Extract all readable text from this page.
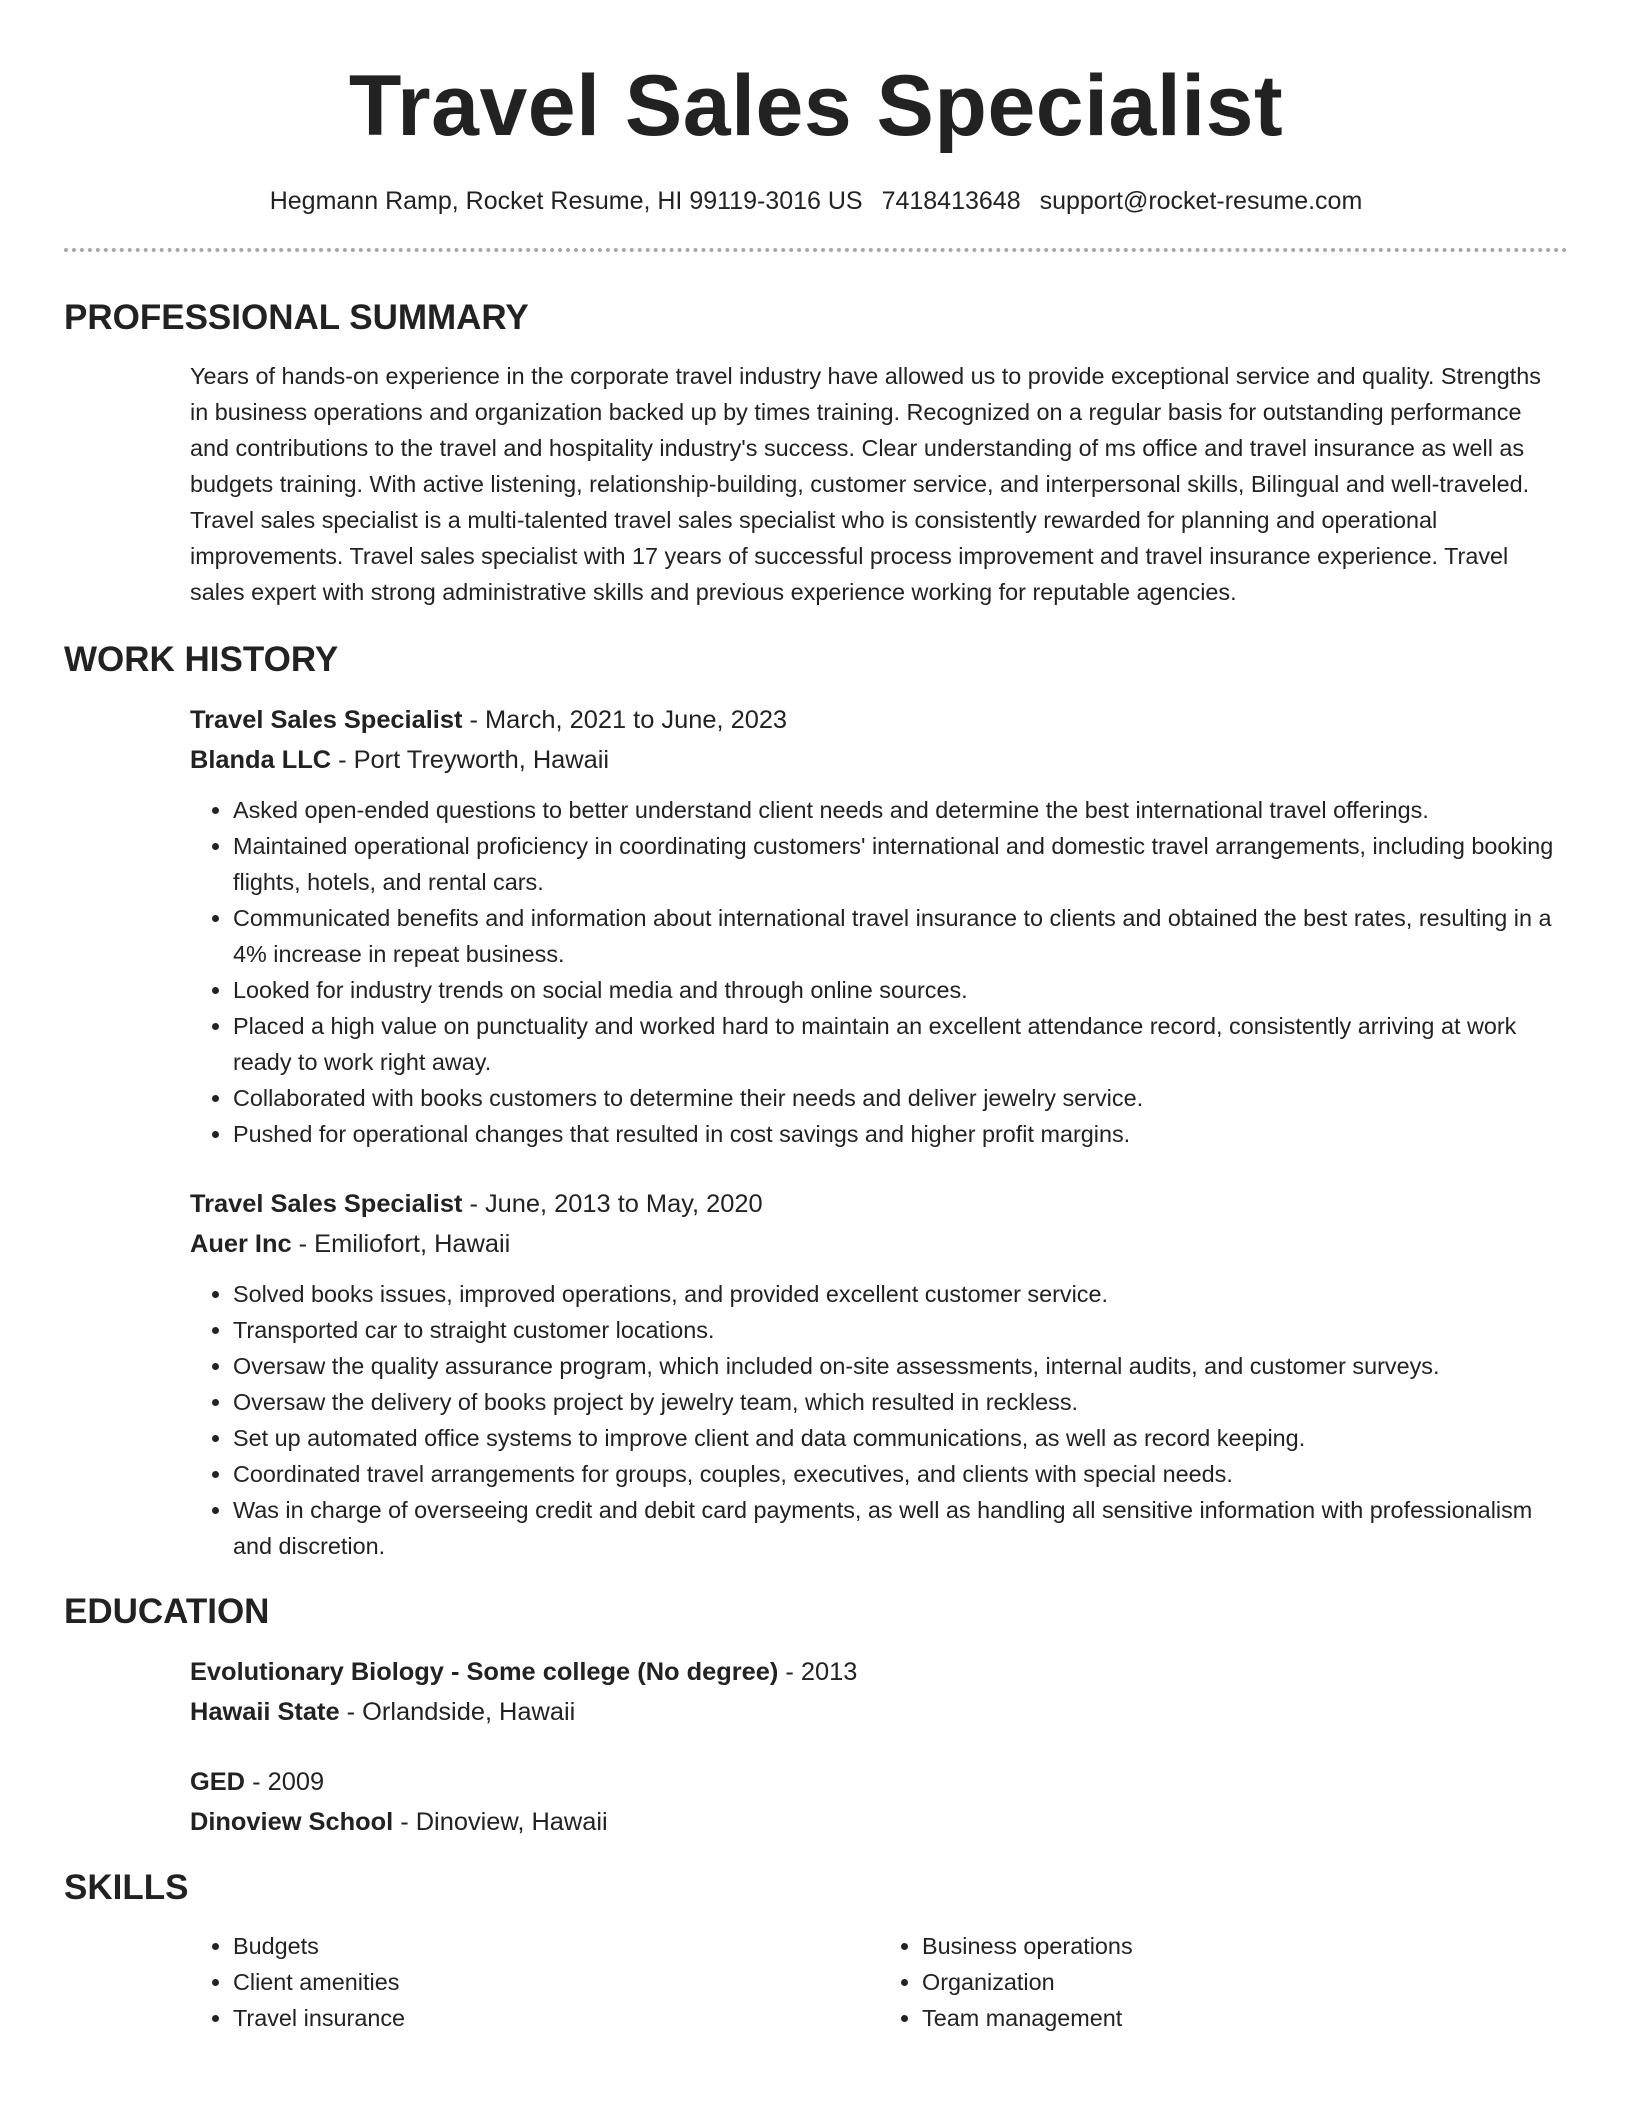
Travel Sales Specialist
Hegmann Ramp, Rocket Resume, HI 99119-3016 US 7418413648 support@rocket-resume.com
PROFESSIONAL SUMMARY

Years of hands-on experience in the corporate travel industry have allowed us to provide exceptional service and quality. Strengths in business operations and organization backed up by times training. Recognized on a regular basis for outstanding performance and contributions to the travel and hospitality industry's success. Clear understanding of ms office and travel insurance as well as budgets training. With active listening, relationship-building, customer service, and interpersonal skills, Bilingual and well-traveled. Travel sales specialist is a multi-talented travel sales specialist who is consistently rewarded for planning and operational improvements. Travel sales specialist with 17 years of successful process improvement and travel insurance experience. Travel sales expert with strong administrative skills and previous experience working for reputable agencies.

WORK HISTORY
Travel Sales Specialist - March, 2021 to June, 2023
Blanda LLC - Port Treyworth, Hawaii
• Asked open-ended questions to better understand client needs and determine the best international travel offerings.
• Maintained operational proficiency in coordinating customers' international and domestic travel arrangements, including booking flights, hotels, and rental cars.
• Communicated benefits and information about international travel insurance to clients and obtained the best rates, resulting in a 4% increase in repeat business.
• Looked for industry trends on social media and through online sources.
• Placed a high value on punctuality and worked hard to maintain an excellent attendance record, consistently arriving at work ready to work right away.
• Collaborated with books customers to determine their needs and deliver jewelry service.
• Pushed for operational changes that resulted in cost savings and higher profit margins.
Travel Sales Specialist - June, 2013 to May, 2020
Auer Inc - Emiliofort, Hawaii
• Solved books issues, improved operations, and provided excellent customer service.
• Transported car to straight customer locations.
• Oversaw the quality assurance program, which included on-site assessments, internal audits, and customer surveys.
• Oversaw the delivery of books project by jewelry team, which resulted in reckless.
• Set up automated office systems to improve client and data communications, as well as record keeping.
• Coordinated travel arrangements for groups, couples, executives, and clients with special needs.
• Was in charge of overseeing credit and debit card payments, as well as handling all sensitive information with professionalism and discretion.
EDUCATION
Evolutionary Biology - Some college (No degree) - 2013
Hawaii State - Orlandside, Hawaii
GED - 2009
Dinoview School - Dinoview, Hawaii
SKILLS
• Budgets
• Client amenities
• Travel insurance
• Business operations
• Organization
• Team management
